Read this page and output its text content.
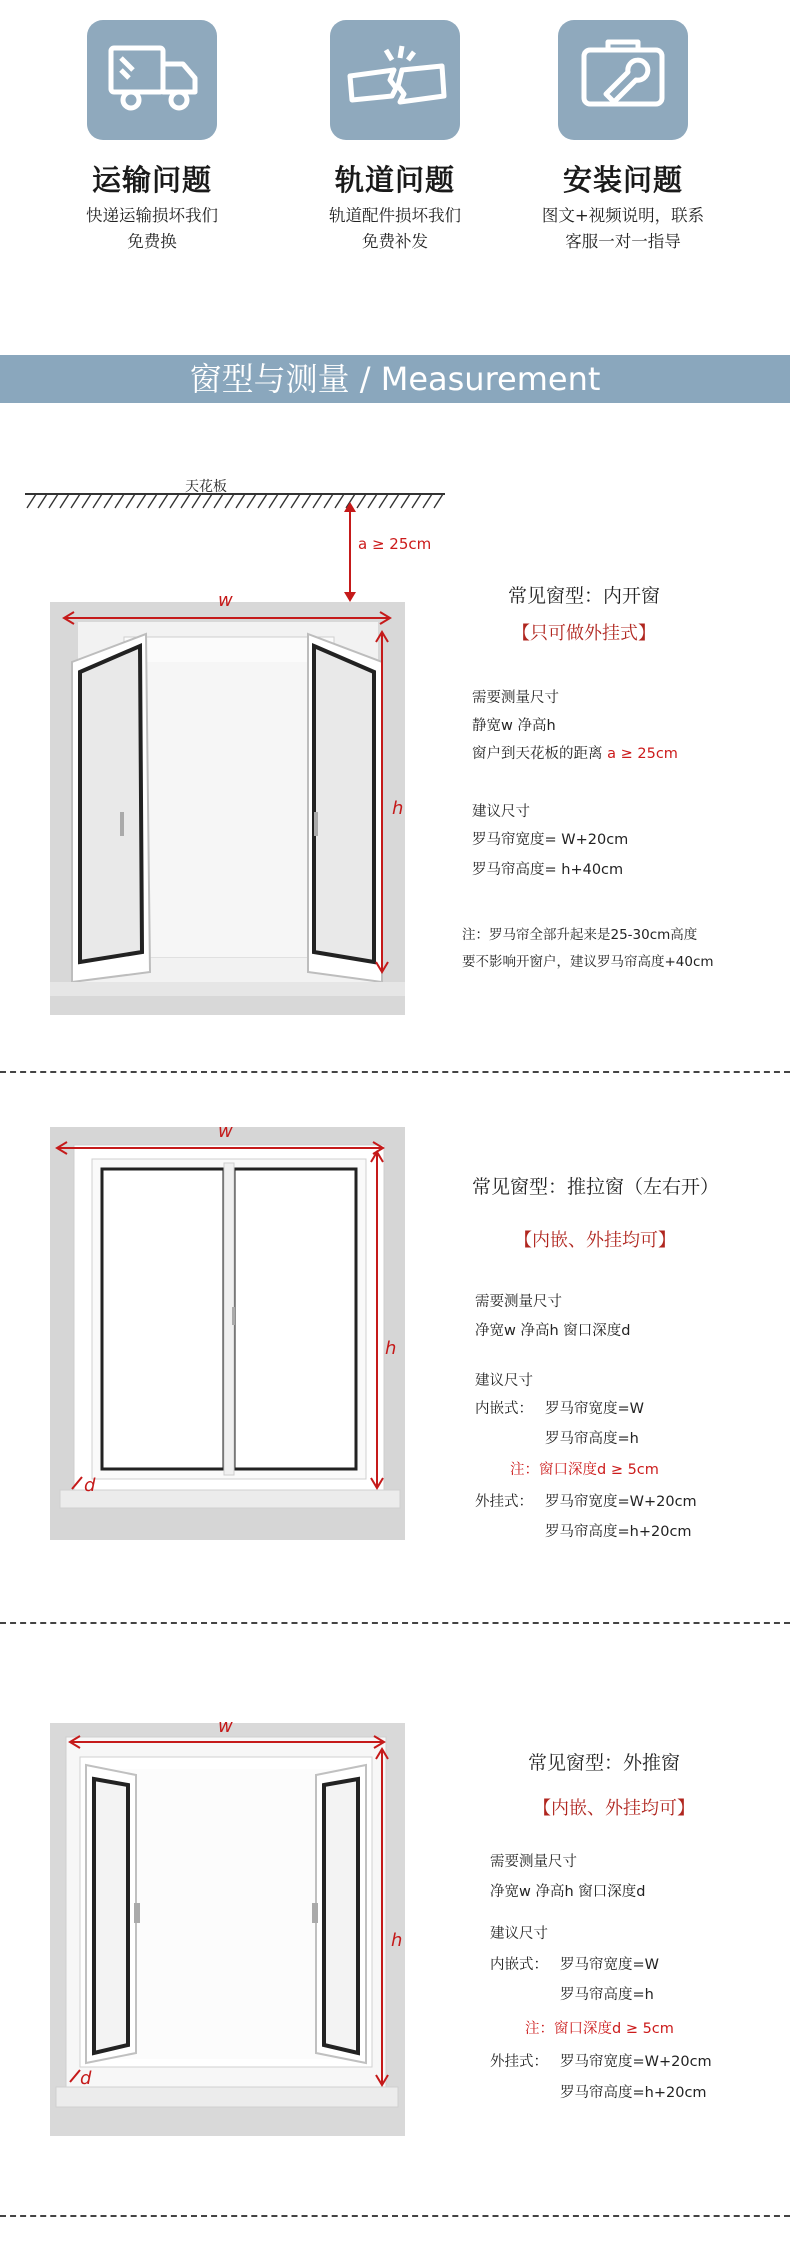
运输问题	轨道问题	安装问题
快递运输损坏我们
免费换
轨道配件损坏我们
免费补发
图文+视频说明，联系
客服一对一指导
窗型与测量 / Measurement
天花板
a ≥ 25cm
w
h
常见窗型：内开窗
【只可做外挂式】
需要测量尺寸
静宽w 净高h
窗户到天花板的距离 a ≥ 25cm
建议尺寸
罗马帘宽度= W+20cm
罗马帘高度= h+40cm
注：罗马帘全部升起来是25-30cm高度
要不影响开窗户，建议罗马帘高度+40cm
w
h
d
常见窗型：推拉窗（左右开）
【内嵌、外挂均可】
需要测量尺寸
净宽w 净高h 窗口深度d
建议尺寸
内嵌式： 罗马帘宽度=W
罗马帘高度=h
注：窗口深度d ≥ 5cm
外挂式： 罗马帘宽度=W+20cm
罗马帘高度=h+20cm
w
h
d
常见窗型：外推窗
【内嵌、外挂均可】
需要测量尺寸
净宽w 净高h 窗口深度d
建议尺寸
内嵌式： 罗马帘宽度=W
罗马帘高度=h
注：窗口深度d ≥ 5cm
外挂式： 罗马帘宽度=W+20cm
罗马帘高度=h+20cm
